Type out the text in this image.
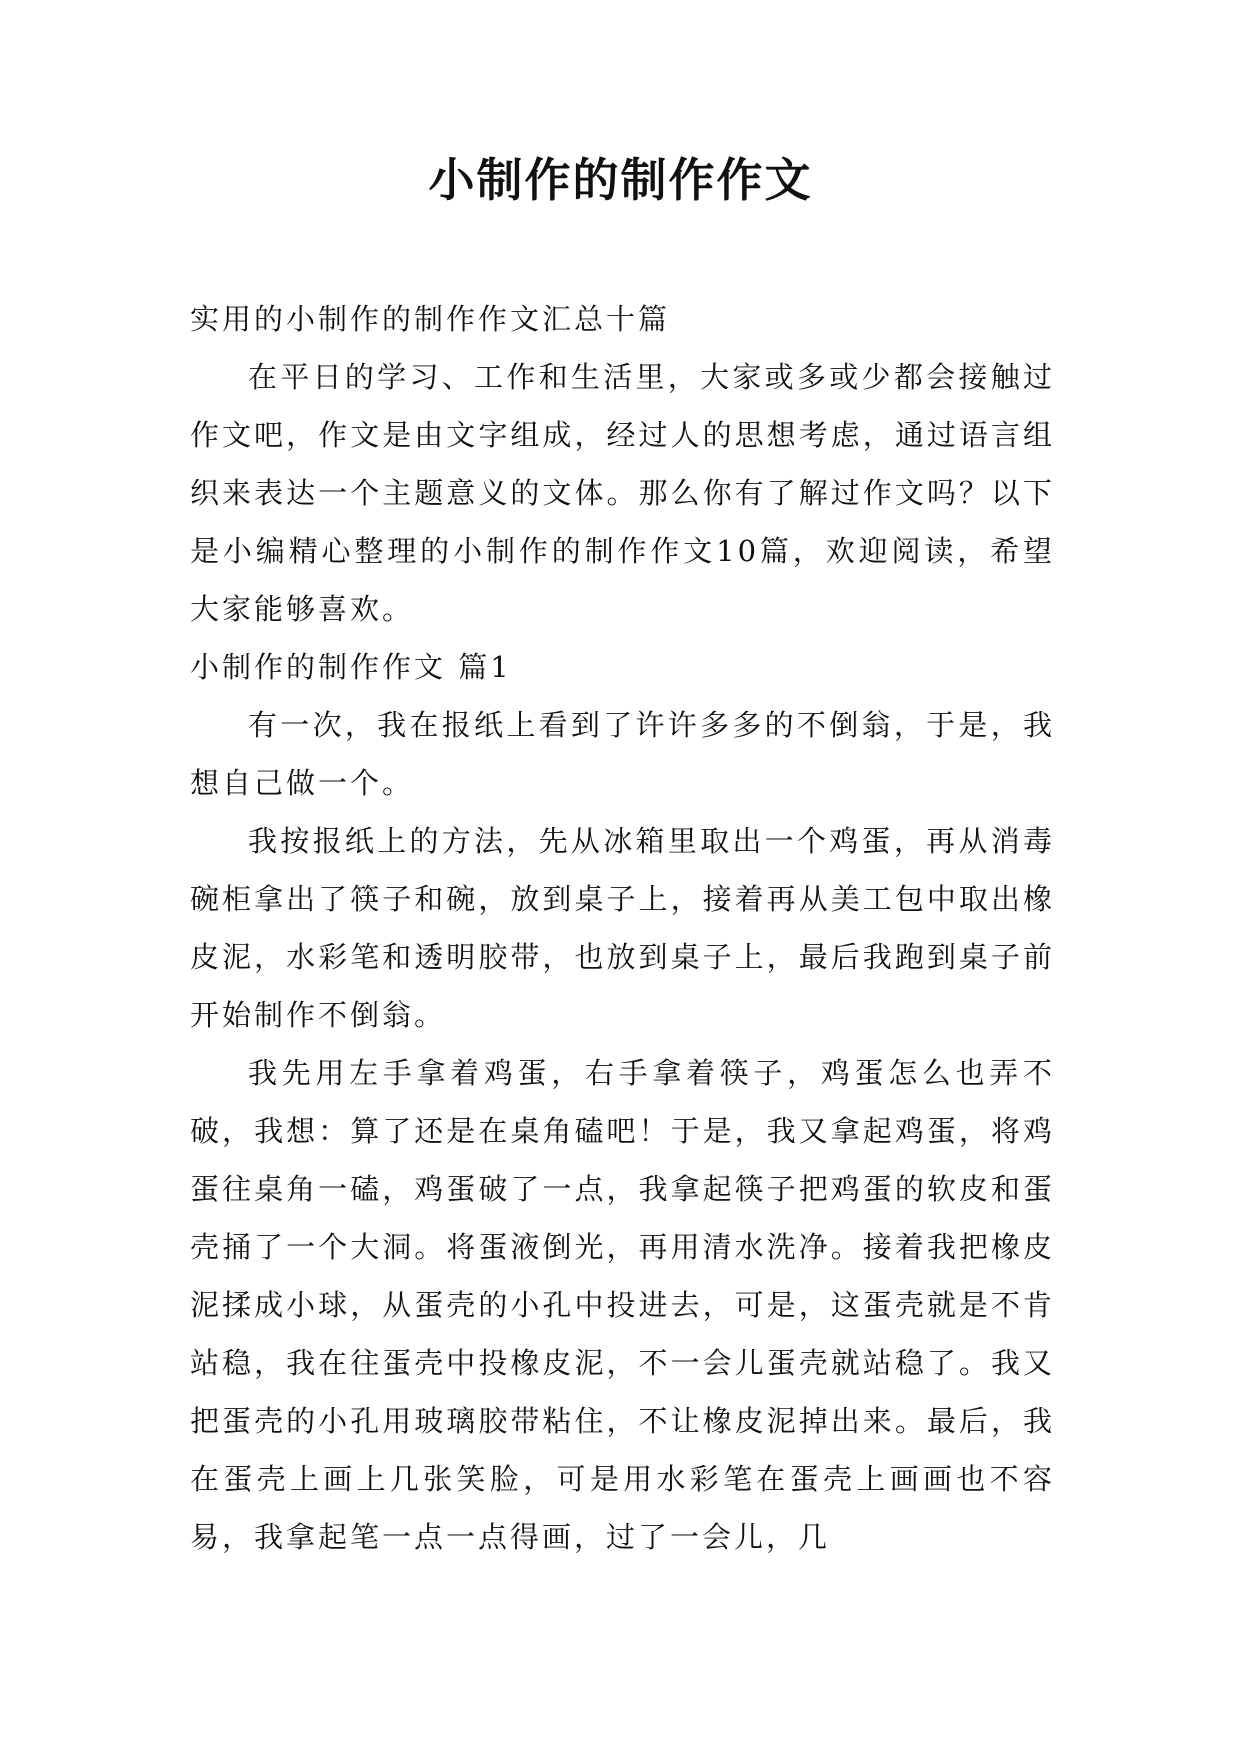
小制作的制作作文

实用的小制作的制作作文汇总十篇

在平日的学习、工作和生活里，大家或多或少都会接触过作文吧，作文是由文字组成，经过人的思想考虑，通过语言组织来表达一个主题意义的文体。那么你有了解过作文吗？以下是小编精心整理的小制作的制作作文10篇，欢迎阅读，希望大家能够喜欢。

小制作的制作作文 篇1

有一次，我在报纸上看到了许许多多的不倒翁，于是，我想自己做一个。

我按报纸上的方法，先从冰箱里取出一个鸡蛋，再从消毒碗柜拿出了筷子和碗，放到桌子上，接着再从美工包中取出橡皮泥，水彩笔和透明胶带，也放到桌子上，最后我跑到桌子前开始制作不倒翁。

我先用左手拿着鸡蛋，右手拿着筷子，鸡蛋怎么也弄不破，我想：算了还是在桌角磕吧！于是，我又拿起鸡蛋，将鸡蛋往桌角一磕，鸡蛋破了一点，我拿起筷子把鸡蛋的软皮和蛋壳捅了一个大洞。将蛋液倒光，再用清水洗净。接着我把橡皮泥揉成小球，从蛋壳的小孔中投进去，可是，这蛋壳就是不肯站稳，我在往蛋壳中投橡皮泥，不一会儿蛋壳就站稳了。我又把蛋壳的小孔用玻璃胶带粘住，不让橡皮泥掉出来。最后，我在蛋壳上画上几张笑脸，可是用水彩笔在蛋壳上画画也不容易，我拿起笔一点一点得画，过了一会儿，几
